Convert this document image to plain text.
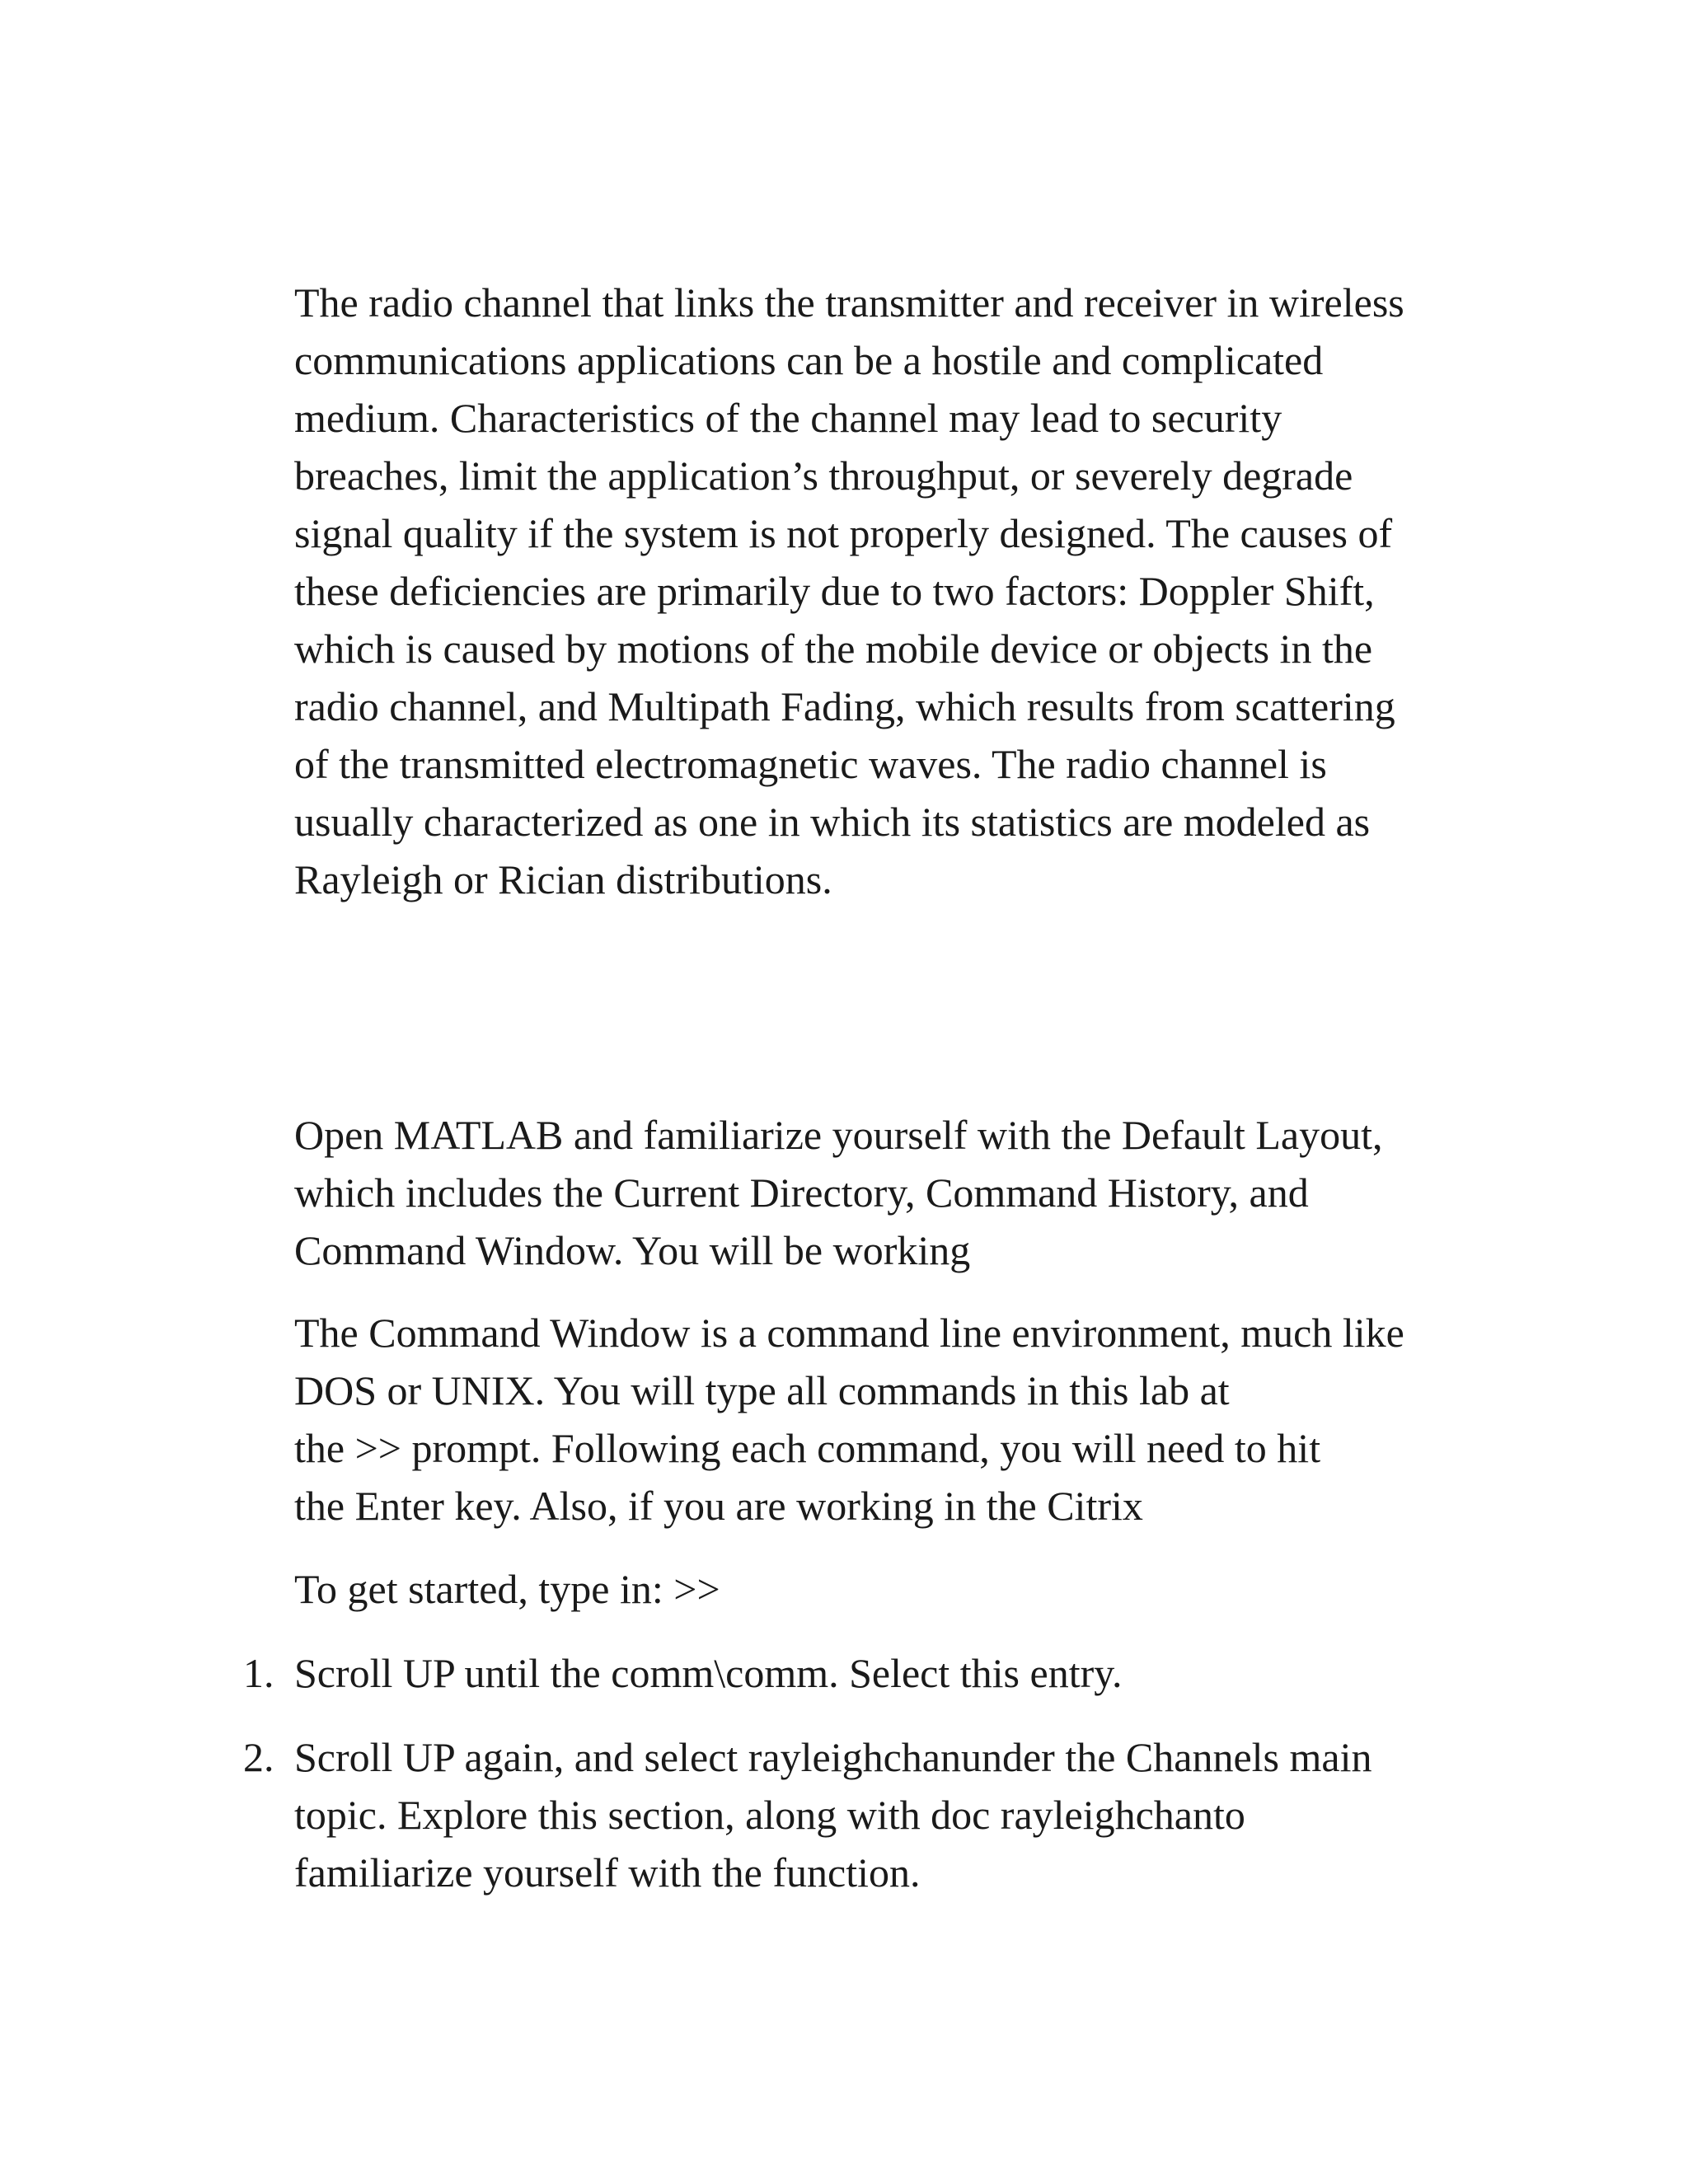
The radio channel that links the transmitter and receiver in wireless
communications applications can be a hostile and complicated
medium. Characteristics of the channel may lead to security
breaches, limit the application’s throughput, or severely degrade
signal quality if the system is not properly designed. The causes of
these deficiencies are primarily due to two factors: Doppler Shift,
which is caused by motions of the mobile device or objects in the
radio channel, and Multipath Fading, which results from scattering
of the transmitted electromagnetic waves. The radio channel is
usually characterized as one in which its statistics are modeled as
Rayleigh or Rician distributions.

Open MATLAB and familiarize yourself with the Default Layout,
which includes the Current Directory, Command History, and
Command Window. You will be working

The Command Window is a command line environment, much like
DOS or UNIX. You will type all commands in this lab at
the >> prompt. Following each command, you will need to hit
the Enter key. Also, if you are working in the Citrix

To get started, type in: >>

1. Scroll UP until the comm\comm. Select this entry.
2. Scroll UP again, and select rayleighchanunder the Channels main
topic. Explore this section, along with doc rayleighchanto
familiarize yourself with the function.
